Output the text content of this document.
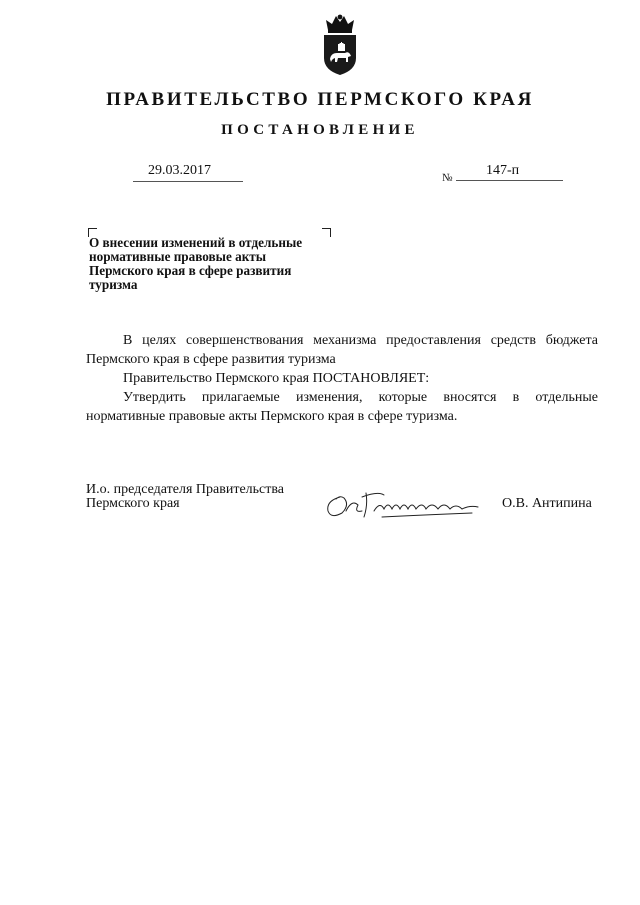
ПРАВИТЕЛЬСТВО ПЕРМСКОГО КРАЯ
ПОСТАНОВЛЕНИЕ
29.03.2017	№ 147-п
О внесении изменений в отдельные
нормативные правовые акты
Пермского края в сфере развития
туризма
В целях совершенствования механизма предоставления средств бюджета Пермского края в сфере развития туризма
Правительство Пермского края ПОСТАНОВЛЯЕТ:
Утвердить прилагаемые изменения, которые вносятся в отдельные нормативные правовые акты Пермского края в сфере туризма.
И.о. председателя Правительства
Пермского края	О.В. Антипина
